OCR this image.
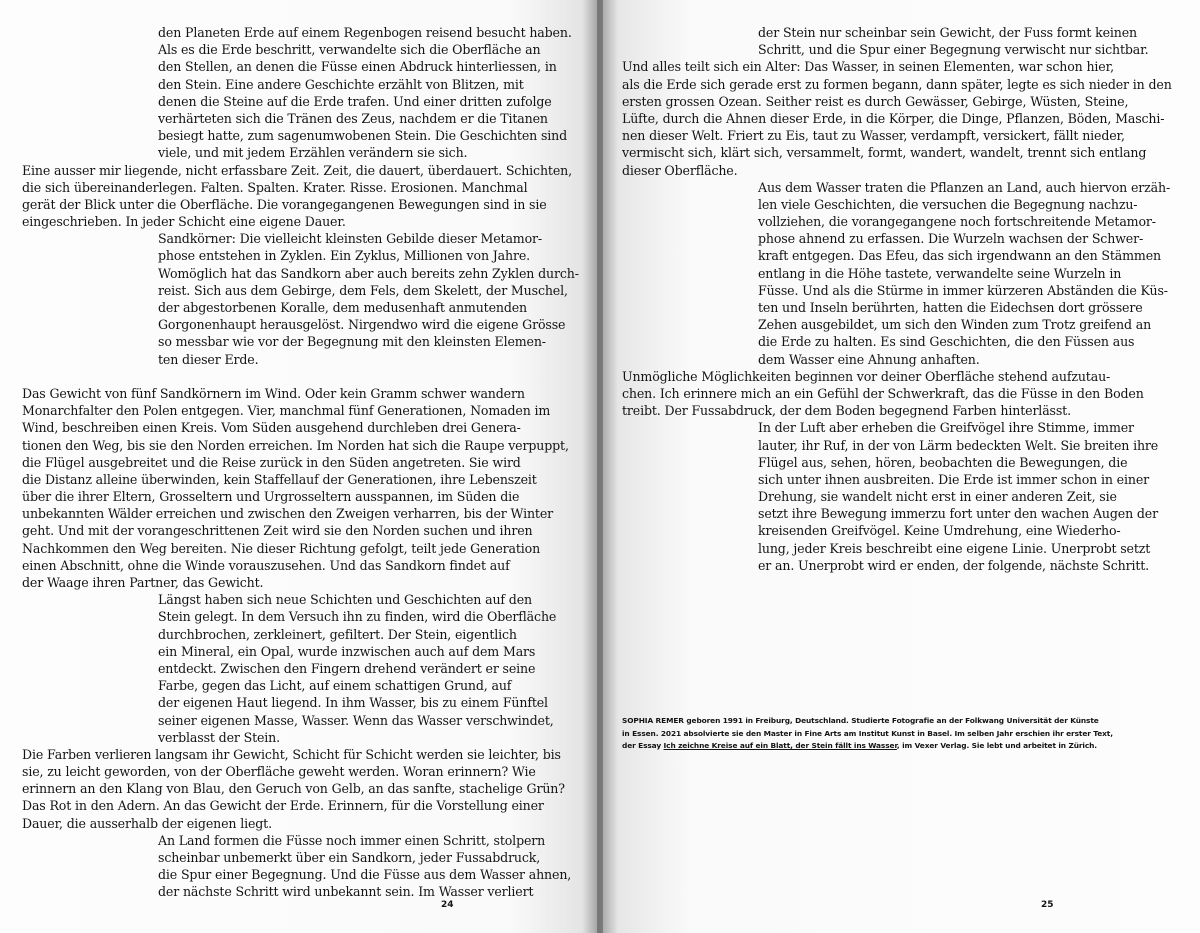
den Planeten Erde auf einem Regenbogen reisend besucht haben.
Als es die Erde beschritt, verwandelte sich die Oberfläche an
den Stellen, an denen die Füsse einen Abdruck hinterliessen, in
den Stein. Eine andere Geschichte erzählt von Blitzen, mit
denen die Steine auf die Erde trafen. Und einer dritten zufolge
verhärteten sich die Tränen des Zeus, nachdem er die Titanen
besiegt hatte, zum sagenumwobenen Stein. Die Geschichten sind
viele, und mit jedem Erzählen verändern sie sich.
Eine ausser mir liegende, nicht erfassbare Zeit. Zeit, die dauert, überdauert. Schichten,
die sich übereinanderlegen. Falten. Spalten. Krater. Risse. Erosionen. Manchmal
gerät der Blick unter die Oberfläche. Die vorangegangenen Bewegungen sind in sie
eingeschrieben. In jeder Schicht eine eigene Dauer.
Sandkörner: Die vielleicht kleinsten Gebilde dieser Metamor-
phose entstehen in Zyklen. Ein Zyklus, Millionen von Jahre.
Womöglich hat das Sandkorn aber auch bereits zehn Zyklen durch-
reist. Sich aus dem Gebirge, dem Fels, dem Skelett, der Muschel,
der abgestorbenen Koralle, dem medusenhaft anmutenden
Gorgonenhaupt herausgelöst. Nirgendwo wird die eigene Grösse
so messbar wie vor der Begegnung mit den kleinsten Elemen-
ten dieser Erde.
Das Gewicht von fünf Sandkörnern im Wind. Oder kein Gramm schwer wandern
Monarchfalter den Polen entgegen. Vier, manchmal fünf Generationen, Nomaden im
Wind, beschreiben einen Kreis. Vom Süden ausgehend durchleben drei Genera-
tionen den Weg, bis sie den Norden erreichen. Im Norden hat sich die Raupe verpuppt,
die Flügel ausgebreitet und die Reise zurück in den Süden angetreten. Sie wird
die Distanz alleine überwinden, kein Staffellauf der Generationen, ihre Lebenszeit
über die ihrer Eltern, Grosseltern und Urgrosseltern ausspannen, im Süden die
unbekannten Wälder erreichen und zwischen den Zweigen verharren, bis der Winter
geht. Und mit der vorangeschrittenen Zeit wird sie den Norden suchen und ihren
Nachkommen den Weg bereiten. Nie dieser Richtung gefolgt, teilt jede Generation
einen Abschnitt, ohne die Winde vorauszusehen. Und das Sandkorn findet auf
der Waage ihren Partner, das Gewicht.
Längst haben sich neue Schichten und Geschichten auf den
Stein gelegt. In dem Versuch ihn zu finden, wird die Oberfläche
durchbrochen, zerkleinert, gefiltert. Der Stein, eigentlich
ein Mineral, ein Opal, wurde inzwischen auch auf dem Mars
entdeckt. Zwischen den Fingern drehend verändert er seine
Farbe, gegen das Licht, auf einem schattigen Grund, auf
der eigenen Haut liegend. In ihm Wasser, bis zu einem Fünftel
seiner eigenen Masse, Wasser. Wenn das Wasser verschwindet,
verblasst der Stein.
Die Farben verlieren langsam ihr Gewicht, Schicht für Schicht werden sie leichter, bis
sie, zu leicht geworden, von der Oberfläche geweht werden. Woran erinnern? Wie
erinnern an den Klang von Blau, den Geruch von Gelb, an das sanfte, stachelige Grün?
Das Rot in den Adern. An das Gewicht der Erde. Erinnern, für die Vorstellung einer
Dauer, die ausserhalb der eigenen liegt.
An Land formen die Füsse noch immer einen Schritt, stolpern
scheinbar unbemerkt über ein Sandkorn, jeder Fussabdruck,
die Spur einer Begegnung. Und die Füsse aus dem Wasser ahnen,
der nächste Schritt wird unbekannt sein. Im Wasser verliert
24
der Stein nur scheinbar sein Gewicht, der Fuss formt keinen
Schritt, und die Spur einer Begegnung verwischt nur sichtbar.
Und alles teilt sich ein Alter: Das Wasser, in seinen Elementen, war schon hier,
als die Erde sich gerade erst zu formen begann, dann später, legte es sich nieder in den
ersten grossen Ozean. Seither reist es durch Gewässer, Gebirge, Wüsten, Steine,
Lüfte, durch die Ahnen dieser Erde, in die Körper, die Dinge, Pflanzen, Böden, Maschi-
nen dieser Welt. Friert zu Eis, taut zu Wasser, verdampft, versickert, fällt nieder,
vermischt sich, klärt sich, versammelt, formt, wandert, wandelt, trennt sich entlang
dieser Oberfläche.
Aus dem Wasser traten die Pflanzen an Land, auch hiervon erzäh-
len viele Geschichten, die versuchen die Begegnung nachzu-
vollziehen, die vorangegangene noch fortschreitende Metamor-
phose ahnend zu erfassen. Die Wurzeln wachsen der Schwer-
kraft entgegen. Das Efeu, das sich irgendwann an den Stämmen
entlang in die Höhe tastete, verwandelte seine Wurzeln in
Füsse. Und als die Stürme in immer kürzeren Abständen die Küs-
ten und Inseln berührten, hatten die Eidechsen dort grössere
Zehen ausgebildet, um sich den Winden zum Trotz greifend an
die Erde zu halten. Es sind Geschichten, die den Füssen aus
dem Wasser eine Ahnung anhaften.
Unmögliche Möglichkeiten beginnen vor deiner Oberfläche stehend aufzutau-
chen. Ich erinnere mich an ein Gefühl der Schwerkraft, das die Füsse in den Boden
treibt. Der Fussabdruck, der dem Boden begegnend Farben hinterlässt.
In der Luft aber erheben die Greifvögel ihre Stimme, immer
lauter, ihr Ruf, in der von Lärm bedeckten Welt. Sie breiten ihre
Flügel aus, sehen, hören, beobachten die Bewegungen, die
sich unter ihnen ausbreiten. Die Erde ist immer schon in einer
Drehung, sie wandelt nicht erst in einer anderen Zeit, sie
setzt ihre Bewegung immerzu fort unter den wachen Augen der
kreisenden Greifvögel. Keine Umdrehung, eine Wiederho-
lung, jeder Kreis beschreibt eine eigene Linie. Unerprobt setzt
er an. Unerprobt wird er enden, der folgende, nächste Schritt.
SOPHIA REMER geboren 1991 in Freiburg, Deutschland. Studierte Fotografie an der Folkwang Universität der Künste
in Essen. 2021 absolvierte sie den Master in Fine Arts am Institut Kunst in Basel. Im selben Jahr erschien ihr erster Text,
der Essay Ich zeichne Kreise auf ein Blatt, der Stein fällt ins Wasser, im Vexer Verlag. Sie lebt und arbeitet in Zürich.
25
